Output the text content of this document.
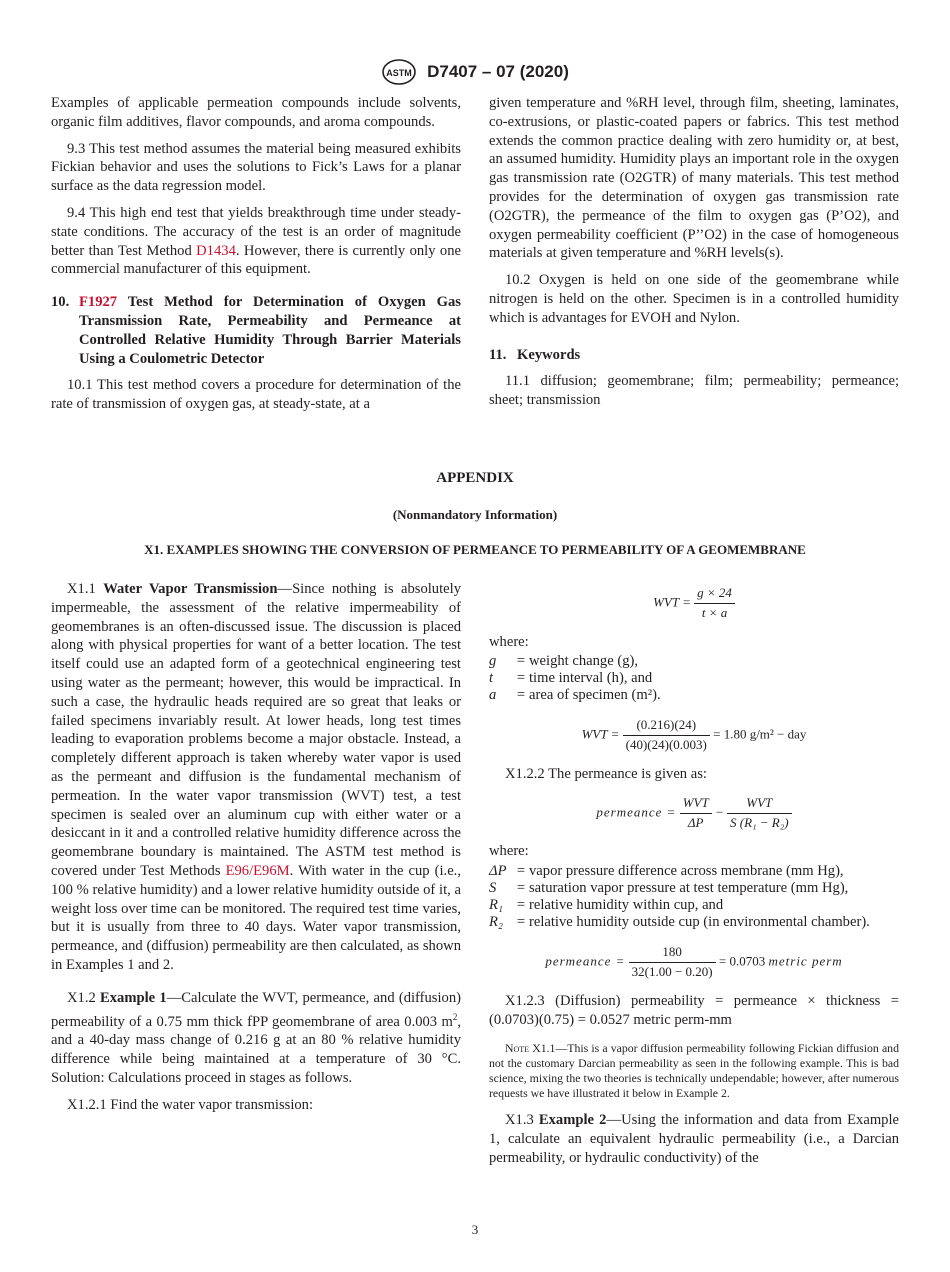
ASTM D7407 – 07 (2020)

Examples of applicable permeation compounds include solvents, organic film additives, flavor compounds, and aroma compounds.

9.3 This test method assumes the material being measured exhibits Fickian behavior and uses the solutions to Fick’s Laws for a planar surface as the data regression model.

9.4 This high end test that yields breakthrough time under steady-state conditions. The accuracy of the test is an order of magnitude better than Test Method D1434. However, there is currently only one commercial manufacturer of this equipment.

10. F1927 Test Method for Determination of Oxygen Gas Transmission Rate, Permeability and Permeance at Controlled Relative Humidity Through Barrier Materials Using a Coulometric Detector

10.1 This test method covers a procedure for determination of the rate of transmission of oxygen gas, at steady-state, at a

given temperature and %RH level, through film, sheeting, laminates, co-extrusions, or plastic-coated papers or fabrics. This test method extends the common practice dealing with zero humidity or, at best, an assumed humidity. Humidity plays an important role in the oxygen gas transmission rate (O2GTR) of many materials. This test method provides for the determination of oxygen gas transmission rate (O2GTR), the permeance of the film to oxygen gas (P’O2), and oxygen permeability coefficient (P’’O2) in the case of homogeneous materials at given temperature and %RH levels(s).

10.2 Oxygen is held on one side of the geomembrane while nitrogen is held on the other. Specimen is in a controlled humidity which is advantages for EVOH and Nylon.

11. Keywords

11.1 diffusion; geomembrane; film; permeability; permeance; sheet; transmission

APPENDIX
(Nonmandatory Information)
X1. EXAMPLES SHOWING THE CONVERSION OF PERMEANCE TO PERMEABILITY OF A GEOMEMBRANE

X1.1 Water Vapor Transmission—Since nothing is absolutely impermeable, the assessment of the relative impermeability of geomembranes is an often-discussed issue. The discussion is placed along with physical properties for want of a better location. The test itself could use an adapted form of a geotechnical engineering test using water as the permeant; however, this would be impractical. In such a case, the hydraulic heads required are so great that leaks or failed specimens invariably result. At lower heads, long test times leading to evaporation problems become a major obstacle. Instead, a completely different approach is taken whereby water vapor is used as the permeant and diffusion is the fundamental mechanism of permeation. In the water vapor transmission (WVT) test, a test specimen is sealed over an aluminum cup with either water or a desiccant in it and a controlled relative humidity difference across the geomembrane boundary is maintained. The ASTM test method is covered under Test Methods E96/E96M. With water in the cup (i.e., 100 % relative humidity) and a lower relative humidity outside of it, a weight loss over time can be monitored. The required test time varies, but it is usually from three to 40 days. Water vapor transmission, permeance, and (diffusion) permeability are then calculated, as shown in Examples 1 and 2.

X1.2 Example 1—Calculate the WVT, permeance, and (diffusion) permeability of a 0.75 mm thick fPP geomembrane of area 0.003 $m^2$, and a 40-day mass change of 0.216 g at an 80 % relative humidity difference while being maintained at a temperature of 30 °C. Solution: Calculations proceed in stages as follows.

X1.2.1 Find the water vapor transmission:

WVT = $\frac{g \times 24}{t \times a}$
where:
g	=	weight change (g),
t	=	time interval (h), and
a	=	area of specimen (m²).
WVT = $\frac{(0.216)(24)}{(40)(24)(0.003)} = 1.80$ g/m² − day

X1.2.2 The permeance is given as:

permeance = $\frac{\text{WVT}}{\Delta P} - \frac{\text{WVT}}{\text{S (R₁ − R₂)}}$
where:
ΔP	=	vapor pressure difference across membrane (mm Hg),
S	=	saturation vapor pressure at test temperature (mm Hg),
R₁	=	relative humidity within cup, and
R₂	=	relative humidity outside cup (in environmental chamber).
permeance = $\frac{180}{32(1.00 - 0.20)} = 0.0703$ metric perm

X1.2.3 (Diffusion) permeability = permeance × thickness = (0.0703)(0.75) = 0.0527 metric perm-mm

Note X1.1—This is a vapor diffusion permeability following Fickian diffusion and not the customary Darcian permeability as seen in the following example. This is bad science, mixing the two theories is technically undependable; however, after numerous requests we have illustrated it below in Example 2.

X1.3 Example 2—Using the information and data from Example 1, calculate an equivalent hydraulic permeability (i.e., a Darcian permeability, or hydraulic conductivity) of the

3
